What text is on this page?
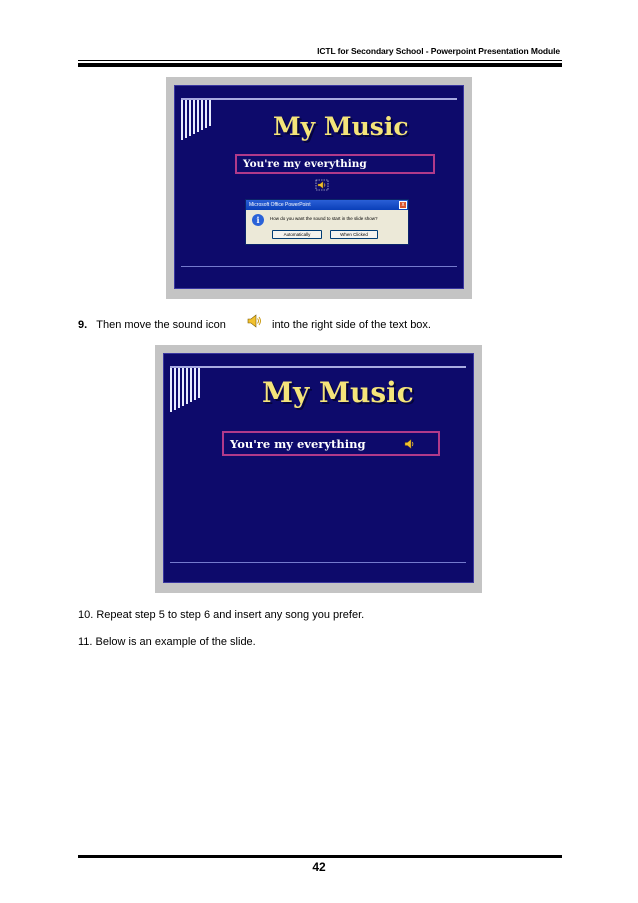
ICTL for Secondary School - Powerpoint Presentation Module
My Music
You're my everything
Microsoft Office PowerPoint	x
i	How do you want the sound to start in the slide show?
Automatically	When Clicked
9. Then move the sound icon	into the right side of the text box.
My Music
You're my everything
10. Repeat step 5 to step 6 and insert any song you prefer.
11. Below is an example of the slide.
42
